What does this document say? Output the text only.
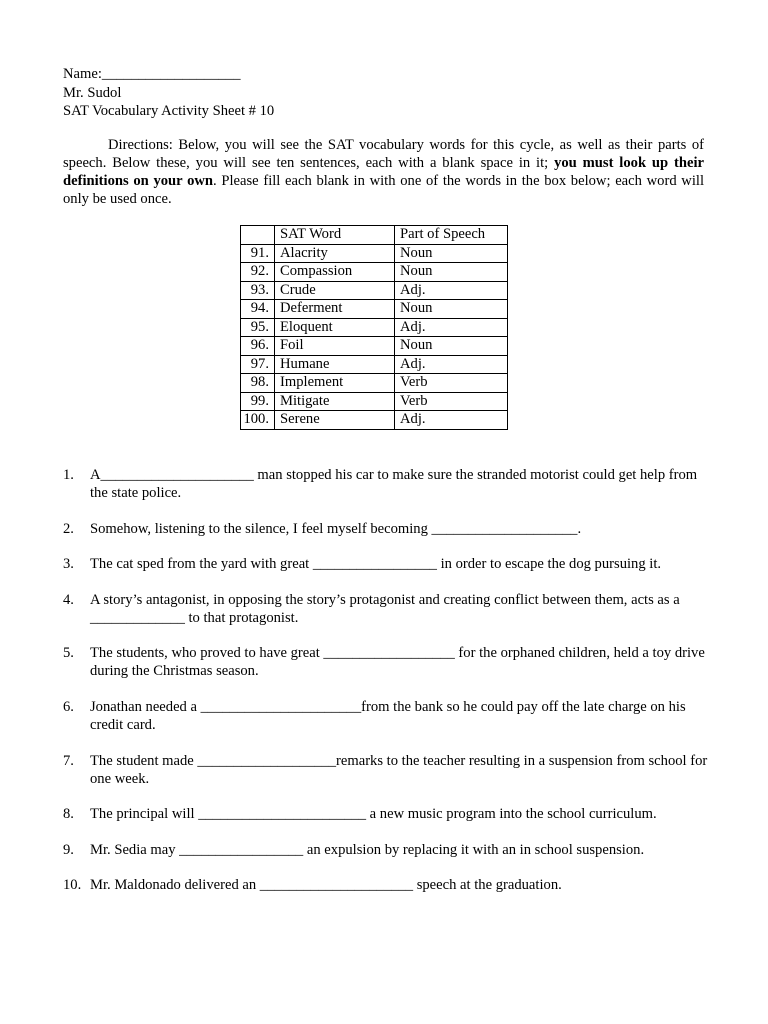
Name:___________________
Mr. Sudol
SAT Vocabulary Activity Sheet # 10
Directions: Below, you will see the SAT vocabulary words for this cycle, as well as their parts of speech. Below these, you will see ten sentences, each with a blank space in it; you must look up their definitions on your own. Please fill each blank in with one of the words in the box below; each word will only be used once.
	SAT Word	Part of Speech
91.	Alacrity	Noun
92.	Compassion	Noun
93.	Crude	Adj.
94.	Deferment	Noun
95.	Eloquent	Adj.
96.	Foil	Noun
97.	Humane	Adj.
98.	Implement	Verb
99.	Mitigate	Verb
100.	Serene	Adj.
1.	A_____________________ man stopped his car to make sure the stranded motorist could get help from the state police.
2.	Somehow, listening to the silence, I feel myself becoming ____________________.
3.	The cat sped from the yard with great _________________ in order to escape the dog pursuing it.
4.	A story’s antagonist, in opposing the story’s protagonist and creating conflict between them, acts as a _____________ to that protagonist.
5.	The students, who proved to have great __________________ for the orphaned children, held a toy drive during the Christmas season.
6.	Jonathan needed a ______________________from the bank so he could pay off the late charge on his credit card.
7.	The student made ___________________remarks to the teacher resulting in a suspension from school for one week.
8.	The principal will _______________________ a new music program into the school curriculum.
9.	Mr. Sedia may _________________ an expulsion by replacing it with an in school suspension.
10. Mr. Maldonado delivered an _____________________ speech at the graduation.
